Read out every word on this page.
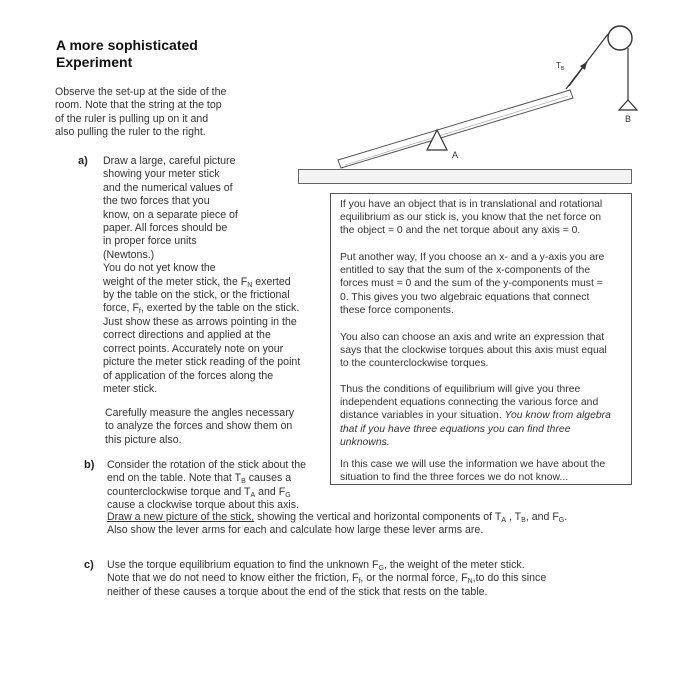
A more sophisticated
Experiment
Observe the set-up at the side of the
room. Note that the string at the top
of the ruler is pulling up on it and
also pulling the ruler to the right.
B
$T_B$
A
a) Draw a large, careful picture
showing your meter stick
and the numerical values of
the two forces that you
know, on a separate piece of
paper. All forces should be
in proper force units
(Newtons.)
You do not yet know the
weight of the meter stick, the $F_N$ exerted
by the table on the stick, or the frictional
force, $F_f$, exerted by the table on the stick.
Just show these as arrows pointing in the
correct directions and applied at the
correct points. Accurately note on your
picture the meter stick reading of the point
of application of the forces along the
meter stick.
Carefully measure the angles necessary
to analyze the forces and show them on
this picture also.
If you have an object that is in translational and rotational
equilibrium as our stick is, you know that the net force on
the object = 0 and the net torque about any axis = 0.
Put another way, If you choose an x- and a y-axis you are
entitled to say that the sum of the x-components of the
forces must = 0 and the sum of the y-components must =
0. This gives you two algebraic equations that connect
these force components.
You also can choose an axis and write an expression that
says that the clockwise torques about this axis must equal
to the counterclockwise torques.
Thus the conditions of equilibrium will give you three
independent equations connecting the various force and
distance variables in your situation. You know from algebra
that if you have three equations you can find three
unknowns.
In this case we will use the information we have about the
situation to find the three forces we do not know...
b) Consider the rotation of the stick about the
end on the table. Note that $T_B$ causes a
counterclockwise torque and $T_A$ and $F_G$
cause a clockwise torque about this axis.
Draw a new picture of the stick, showing the vertical and horizontal components of $T_A$ , $T_B$, and $F_G$.
Also show the lever arms for each and calculate how large these lever arms are.
c) Use the torque equilibrium equation to find the unknown $F_G$, the weight of the meter stick.
Note that we do not need to know either the friction, $F_f$, or the normal force, $F_N,to$ do this since
neither of these causes a torque about the end of the stick that rests on the table.
